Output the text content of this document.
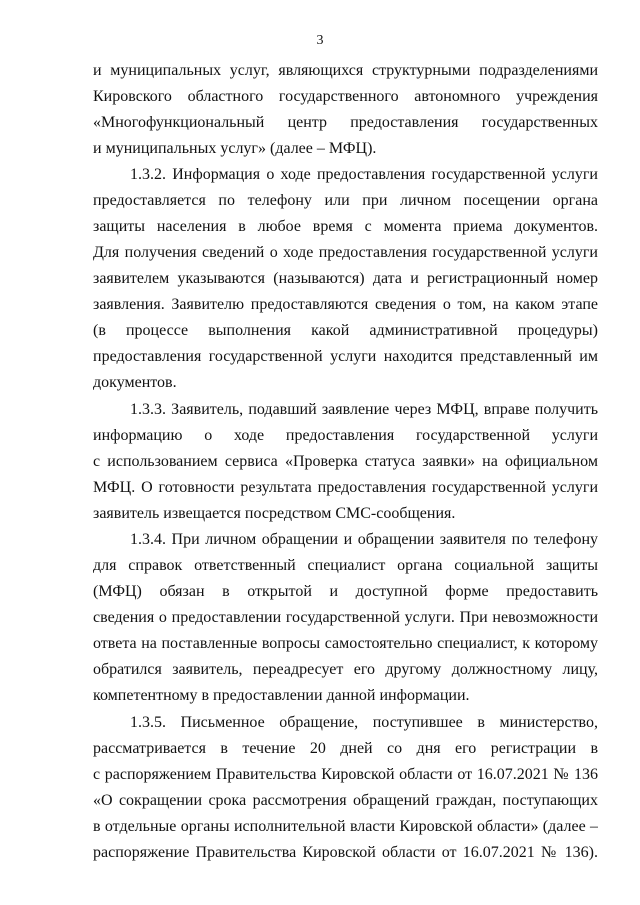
3
и муниципальных услуг, являющихся структурными подразделениями
Кировского областного государственного автономного учреждения
«Многофункциональный центр предоставления государственных
и муниципальных услуг» (далее – МФЦ).
1.3.2. Информация о ходе предоставления государственной услуги
предоставляется по телефону или при личном посещении органа
защиты населения в любое время с момента приема документов.
Для получения сведений о ходе предоставления государственной услуги
заявителем указываются (называются) дата и регистрационный номер
заявления. Заявителю предоставляются сведения о том, на каком этапе
(в процессе выполнения какой административной процедуры)
предоставления государственной услуги находится представленный им
документов.
1.3.3. Заявитель, подавший заявление через МФЦ, вправе получить
информацию о ходе предоставления государственной услуги
с использованием сервиса «Проверка статуса заявки» на официальном
МФЦ. О готовности результата предоставления государственной услуги
заявитель извещается посредством СМС-сообщения.
1.3.4. При личном обращении и обращении заявителя по телефону
для справок ответственный специалист органа социальной защиты
(МФЦ) обязан в открытой и доступной форме предоставить
сведения о предоставлении государственной услуги. При невозможности
ответа на поставленные вопросы самостоятельно специалист, к которому
обратился заявитель, переадресует его другому должностному лицу,
компетентному в предоставлении данной информации.
1.3.5. Письменное обращение, поступившее в министерство,
рассматривается в течение 20 дней со дня его регистрации в
с распоряжением Правительства Кировской области от 16.07.2021 № 136
«О сокращении срока рассмотрения обращений граждан, поступающих
в отдельные органы исполнительной власти Кировской области» (далее –
распоряжение Правительства Кировской области от 16.07.2021 № 136).
